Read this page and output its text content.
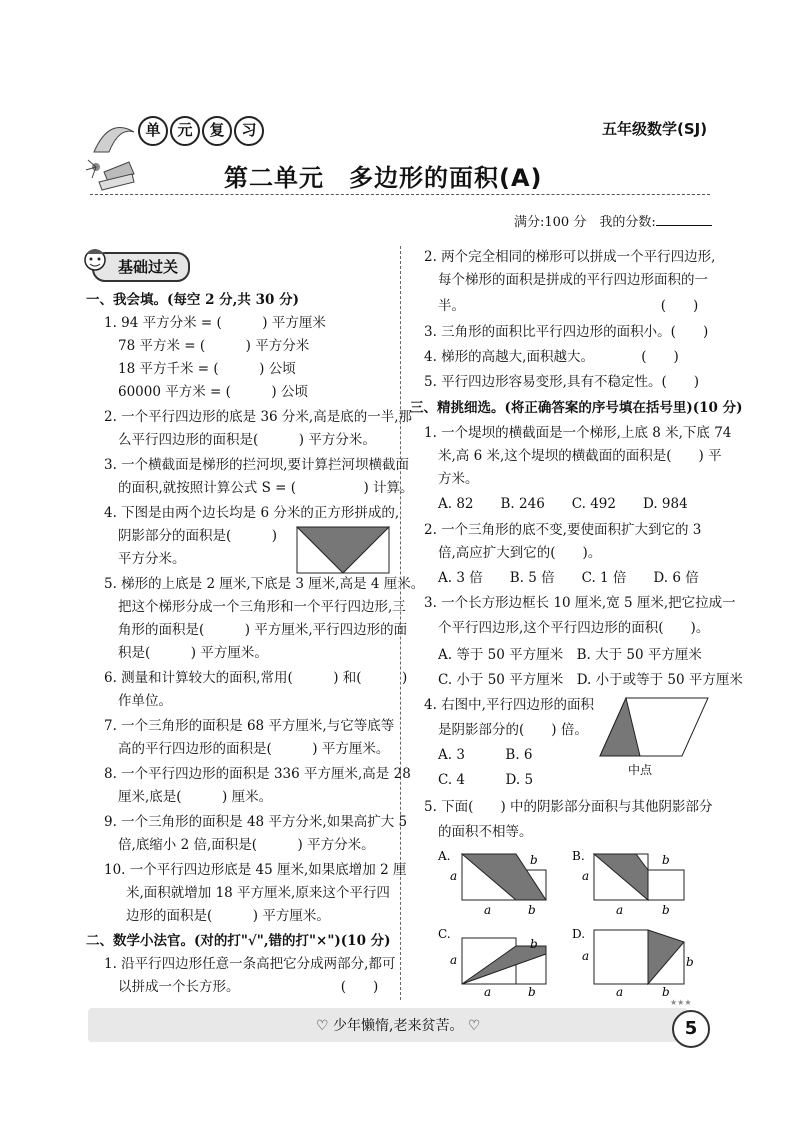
单	元	复	习	五年级数学(SJ)
第二单元　多边形的面积(A)
满分:100 分　我的分数:
基础过关
一、我会填。(每空 2 分,共 30 分)
1. 94 平方分米 = (　　　) 平方厘米
78 平方米 = (　　　) 平方分米
18 平方千米 = (　　　) 公顷
60000 平方米 = (　　　) 公顷
2. 一个平行四边形的底是 36 分米,高是底的一半,那
么平行四边形的面积是(　　　) 平方分米。
3. 一个横截面是梯形的拦河坝,要计算拦河坝横截面
的面积,就按照计算公式 S = (　　　　　) 计算。
4. 下图是由两个边长均是 6 分米的正方形拼成的,
阴影部分的面积是(　　　)
平方分米。
5. 梯形的上底是 2 厘米,下底是 3 厘米,高是 4 厘米。
把这个梯形分成一个三角形和一个平行四边形,三
角形的面积是(　　　) 平方厘米,平行四边形的面
积是(　　　) 平方厘米。
6. 测量和计算较大的面积,常用(　　　) 和(　　　)
作单位。
7. 一个三角形的面积是 68 平方厘米,与它等底等
高的平行四边形的面积是(　　　) 平方厘米。
8. 一个平行四边形的面积是 336 平方厘米,高是 28
厘米,底是(　　　) 厘米。
9. 一个三角形的面积是 48 平方分米,如果高扩大 5
倍,底缩小 2 倍,面积是(　　　) 平方分米。
10. 一个平行四边形底是 45 厘米,如果底增加 2 厘
米,面积就增加 18 平方厘米,原来这个平行四
边形的面积是(　　　) 平方厘米。
二、数学小法官。(对的打"√",错的打"×")(10 分)
1. 沿平行四边形任意一条高把它分成两部分,都可
以拼成一个长方形。　　　　　　　　(　　)
2. 两个完全相同的梯形可以拼成一个平行四边形,
每个梯形的面积是拼成的平行四边形面积的一
半。　　　　　　　　　　　　　　　(　　)
3. 三角形的面积比平行四边形的面积小。(　　)
4. 梯形的高越大,面积越大。　　　　(　　)
5. 平行四边形容易变形,具有不稳定性。(　　)
三、精挑细选。(将正确答案的序号填在括号里)(10 分)
1. 一个堤坝的横截面是一个梯形,上底 8 米,下底 74
米,高 6 米,这个堤坝的横截面的面积是(　　) 平
方米。
A. 82　　B. 246　　C. 492　　D. 984
2. 一个三角形的底不变,要使面积扩大到它的 3
倍,高应扩大到它的(　　)。
A. 3 倍　　B. 5 倍　　C. 1 倍　　D. 6 倍
3. 一个长方形边框长 10 厘米,宽 5 厘米,把它拉成一
个平行四边形,这个平行四边形的面积(　　)。
A. 等于 50 平方厘米　B. 大于 50 平方厘米
C. 小于 50 平方厘米　D. 小于或等于 50 平方厘米
4. 右图中,平行四边形的面积
是阴影部分的(　　) 倍。
A. 3　　　B. 6
C. 4　　　D. 5
5. 下面(　　) 中的阴影部分面积与其他阴影部分
的面积不相等。
中点
A.
a
b
a	b
B.
a
b
a	b
C.
a
b
a	b
D.
a	b
a	b
♡ 少年懒惰,老来贫苦。 ♡	5
★★★
